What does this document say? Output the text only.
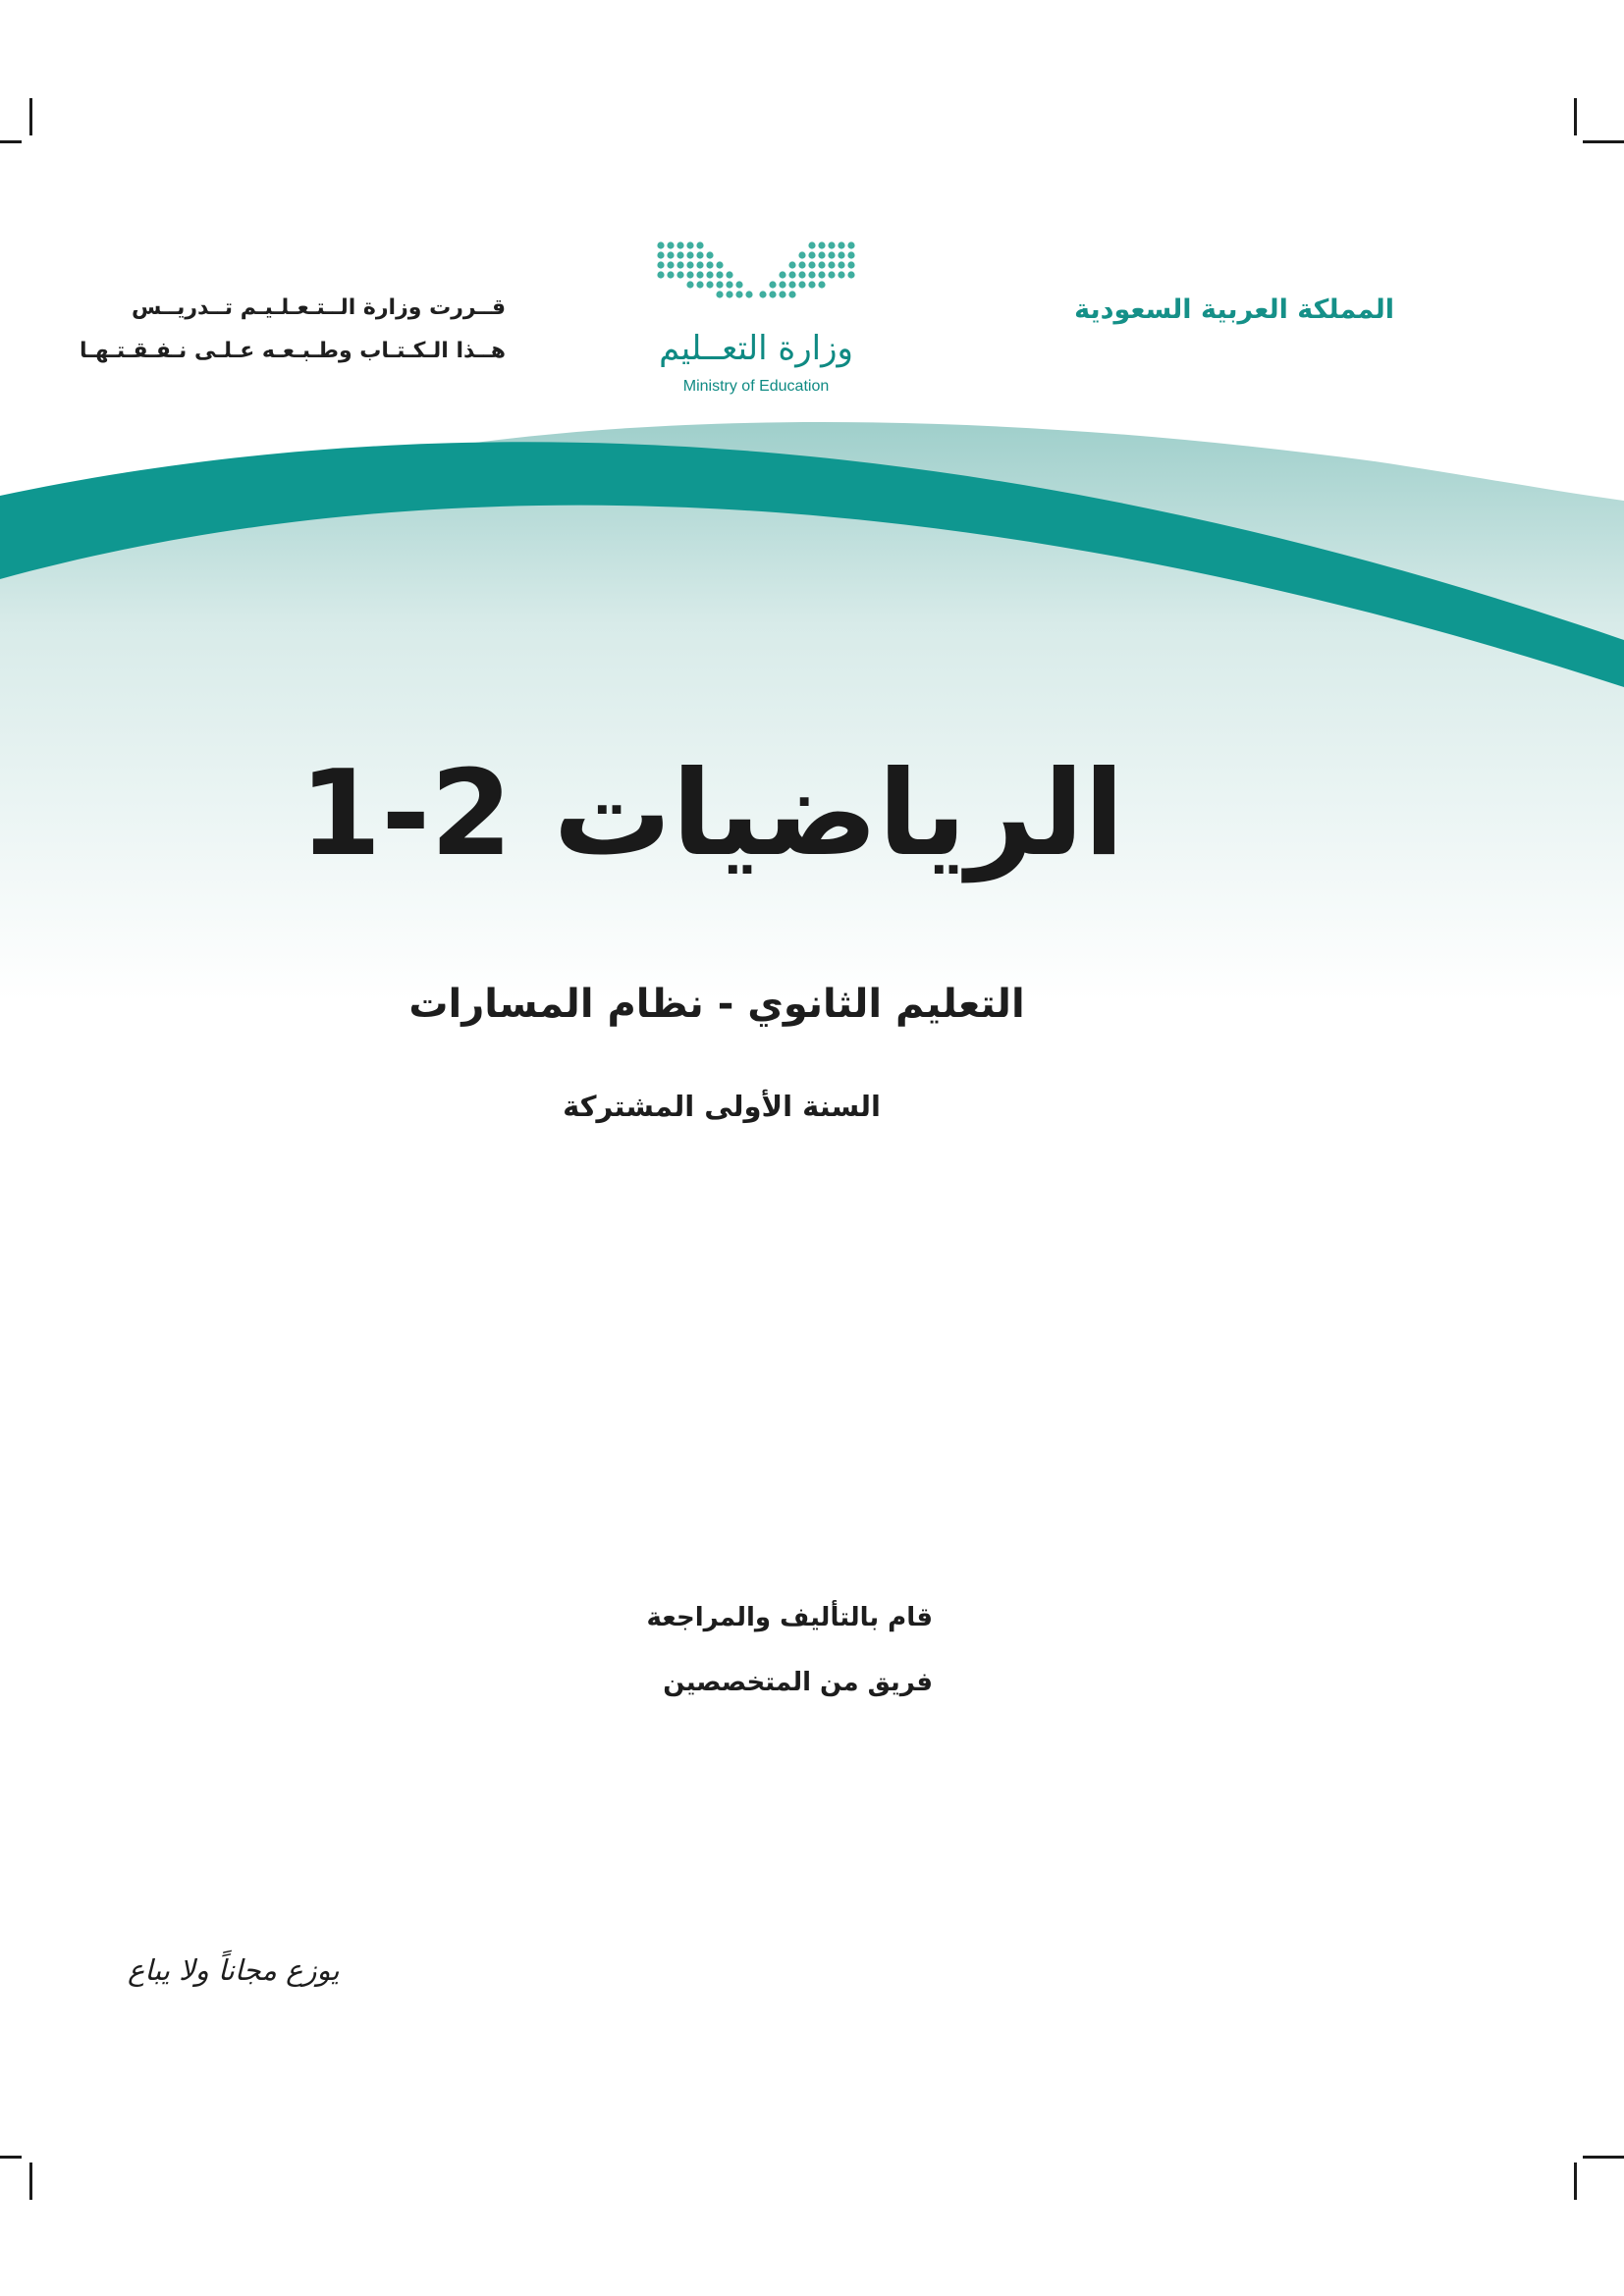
المملكة العربية السعودية
قــررت وزارة الــتـعـلـيـم تــدريــس
هــذا الـكـتـاب وطـبـعـه عـلـى نـفـقـتـهـا	وزارة التعــليم
Ministry of Education
الرياضيات 2-1
التعليم الثانوي - نظام المسارات
السنة الأولى المشتركة
قام بالتأليف والمراجعة
فريق من المتخصصين
يوزع مجاناً ولا يباع
